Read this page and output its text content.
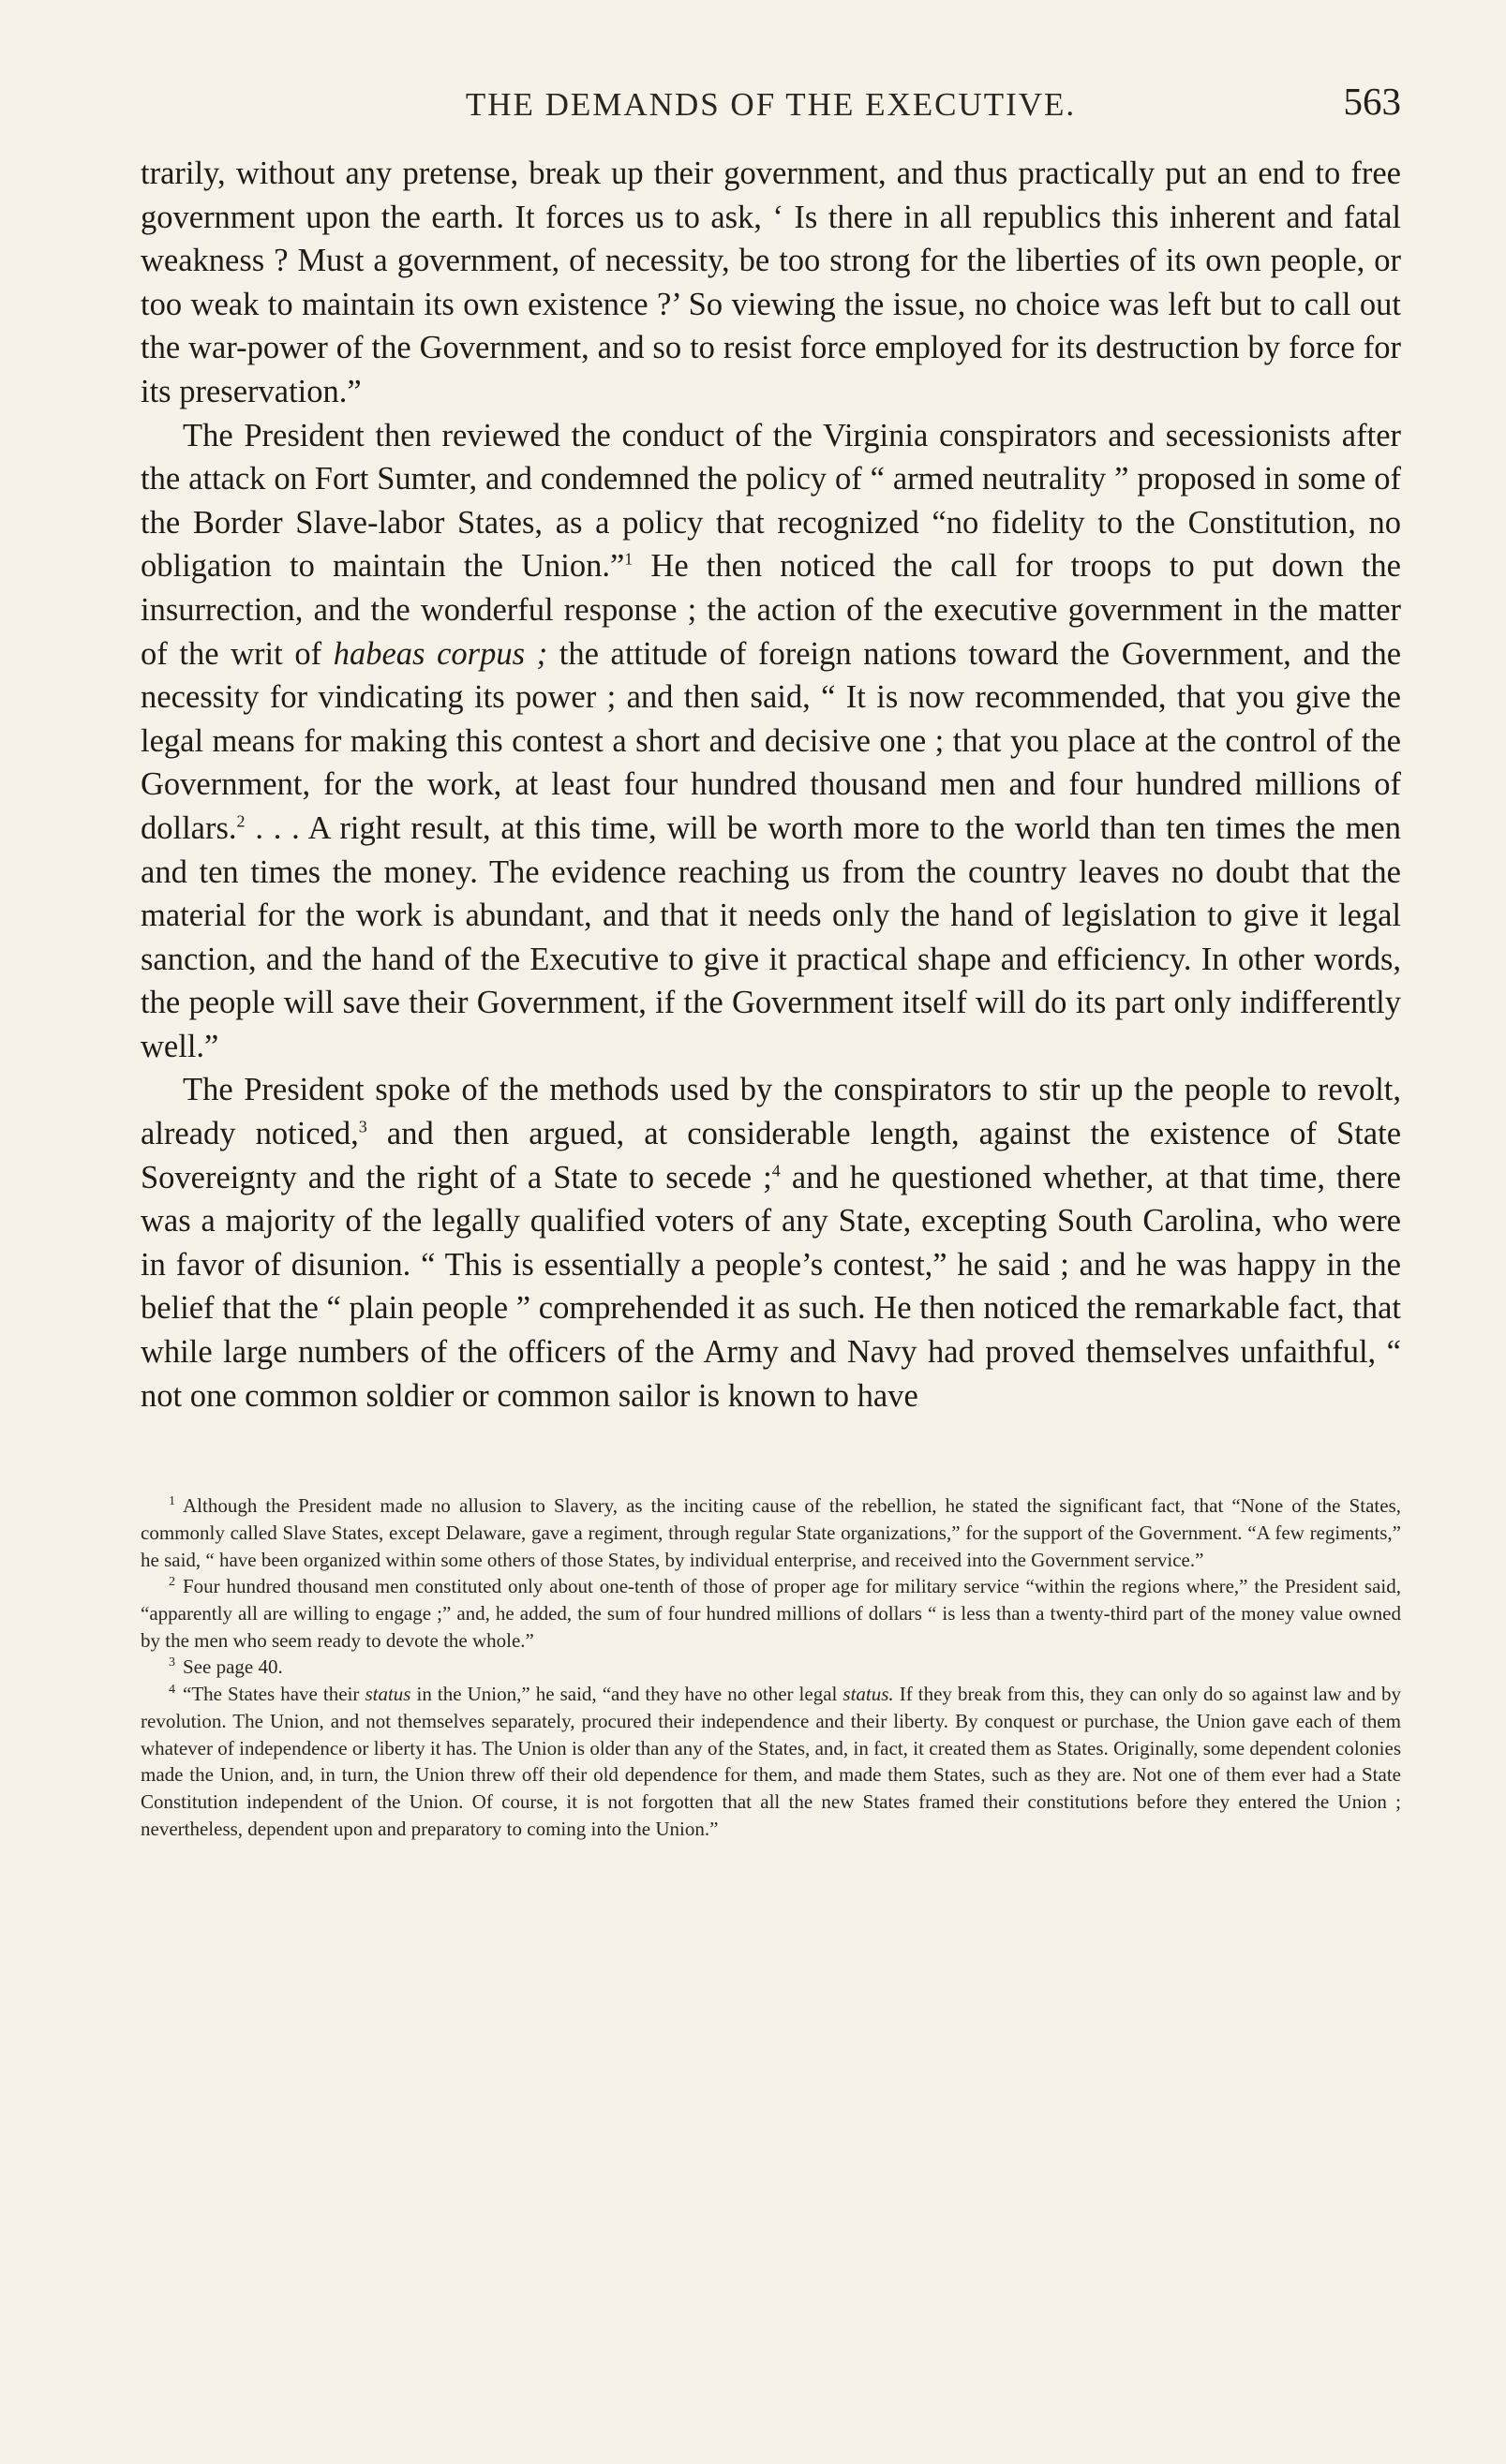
THE DEMANDS OF THE EXECUTIVE.	563

trarily, without any pretense, break up their government, and thus practically put an end to free government upon the earth. It forces us to ask, ‘ Is there in all republics this inherent and fatal weakness ? Must a government, of necessity, be too strong for the liberties of its own people, or too weak to maintain its own existence ?’ So viewing the issue, no choice was left but to call out the war-power of the Government, and so to resist force employed for its destruction by force for its preservation.”

The President then reviewed the conduct of the Virginia conspirators and secessionists after the attack on Fort Sumter, and condemned the policy of “ armed neutrality ” proposed in some of the Border Slave-labor States, as a policy that recognized “no fidelity to the Constitution, no obligation to maintain the Union.”$^1$ He then noticed the call for troops to put down the insurrection, and the wonderful response ; the action of the executive government in the matter of the writ of habeas corpus ; the attitude of foreign nations toward the Government, and the necessity for vindicating its power ; and then said, “ It is now recommended, that you give the legal means for making this contest a short and decisive one ; that you place at the control of the Government, for the work, at least four hundred thousand men and four hundred millions of dollars.$^2$ . . . A right result, at this time, will be worth more to the world than ten times the men and ten times the money. The evidence reaching us from the country leaves no doubt that the material for the work is abundant, and that it needs only the hand of legislation to give it legal sanction, and the hand of the Executive to give it practical shape and efficiency. In other words, the people will save their Government, if the Government itself will do its part only indifferently well.”

The President spoke of the methods used by the conspirators to stir up the people to revolt, already noticed,$^3$ and then argued, at considerable length, against the existence of State Sovereignty and the right of a State to secede ;$^4$ and he questioned whether, at that time, there was a majority of the legally qualified voters of any State, excepting South Carolina, who were in favor of disunion. “ This is essentially a people’s contest,” he said ; and he was happy in the belief that the “ plain people ” comprehended it as such. He then noticed the remarkable fact, that while large numbers of the officers of the Army and Navy had proved themselves unfaithful, “ not one common soldier or common sailor is known to have

$^1$ Although the President made no allusion to Slavery, as the inciting cause of the rebellion, he stated the significant fact, that “None of the States, commonly called Slave States, except Delaware, gave a regiment, through regular State organizations,” for the support of the Government. “A few regiments,” he said, “ have been organized within some others of those States, by individual enterprise, and received into the Government service.”

$^2$ Four hundred thousand men constituted only about one-tenth of those of proper age for military service “within the regions where,” the President said, “apparently all are willing to engage ;” and, he added, the sum of four hundred millions of dollars “ is less than a twenty-third part of the money value owned by the men who seem ready to devote the whole.”

$^3$ See page 40.

$^4$ “The States have their status in the Union,” he said, “and they have no other legal status. If they break from this, they can only do so against law and by revolution. The Union, and not themselves separately, procured their independence and their liberty. By conquest or purchase, the Union gave each of them whatever of independence or liberty it has. The Union is older than any of the States, and, in fact, it created them as States. Originally, some dependent colonies made the Union, and, in turn, the Union threw off their old dependence for them, and made them States, such as they are. Not one of them ever had a State Constitution independent of the Union. Of course, it is not forgotten that all the new States framed their constitutions before they entered the Union ; nevertheless, dependent upon and preparatory to coming into the Union.”
